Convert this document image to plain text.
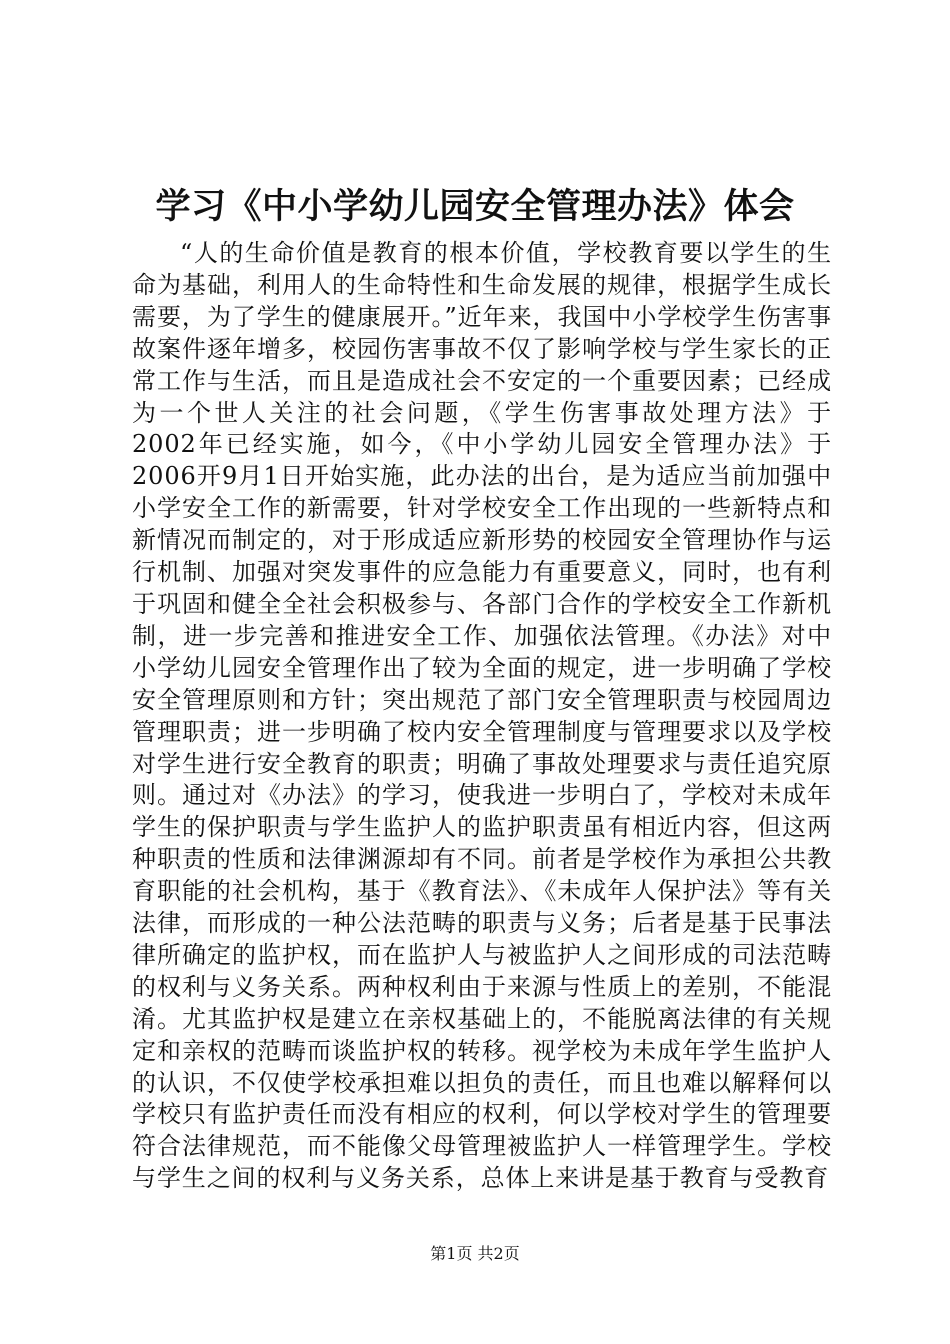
学习《中小学幼儿园安全管理办法》体会

“人的生命价值是教育的根本价值，学校教育要以学生的生命为基础，利用人的生命特性和生命发展的规律，根据学生成长需要，为了学生的健康展开。”近年来，我国中小学校学生伤害事故案件逐年增多，校园伤害事故不仅了影响学校与学生家长的正常工作与生活，而且是造成社会不安定的一个重要因素；已经成为一个世人关注的社会问题，《学生伤害事故处理方法》于2002年已经实施，如今，《中小学幼儿园安全管理办法》于2006开9月1日开始实施，此办法的出台，是为适应当前加强中小学安全工作的新需要，针对学校安全工作出现的一些新特点和新情况而制定的，对于形成适应新形势的校园安全管理协作与运行机制、加强对突发事件的应急能力有重要意义，同时，也有利于巩固和健全全社会积极参与、各部门合作的学校安全工作新机制，进一步完善和推进安全工作、加强依法管理。《办法》对中小学幼儿园安全管理作出了较为全面的规定，进一步明确了学校安全管理原则和方针；突出规范了部门安全管理职责与校园周边管理职责；进一步明确了校内安全管理制度与管理要求以及学校对学生进行安全教育的职责；明确了事故处理要求与责任追究原则。通过对《办法》的学习，使我进一步明白了，学校对未成年学生的保护职责与学生监护人的监护职责虽有相近内容，但这两种职责的性质和法律渊源却有不同。前者是学校作为承担公共教育职能的社会机构，基于《教育法》、《未成年人保护法》等有关法律，而形成的一种公法范畴的职责与义务；后者是基于民事法律所确定的监护权，而在监护人与被监护人之间形成的司法范畴的权利与义务关系。两种权利由于来源与性质上的差别，不能混淆。尤其监护权是建立在亲权基础上的，不能脱离法律的有关规定和亲权的范畴而谈监护权的转移。视学校为未成年学生监护人的认识，不仅使学校承担难以担负的责任，而且也难以解释何以学校只有监护责任而没有相应的权利，何以学校对学生的管理要符合法律规范，而不能像父母管理被监护人一样管理学生。学校与学生之间的权利与义务关系，总体上来讲是基于教育与受教育

第1页 共2页
